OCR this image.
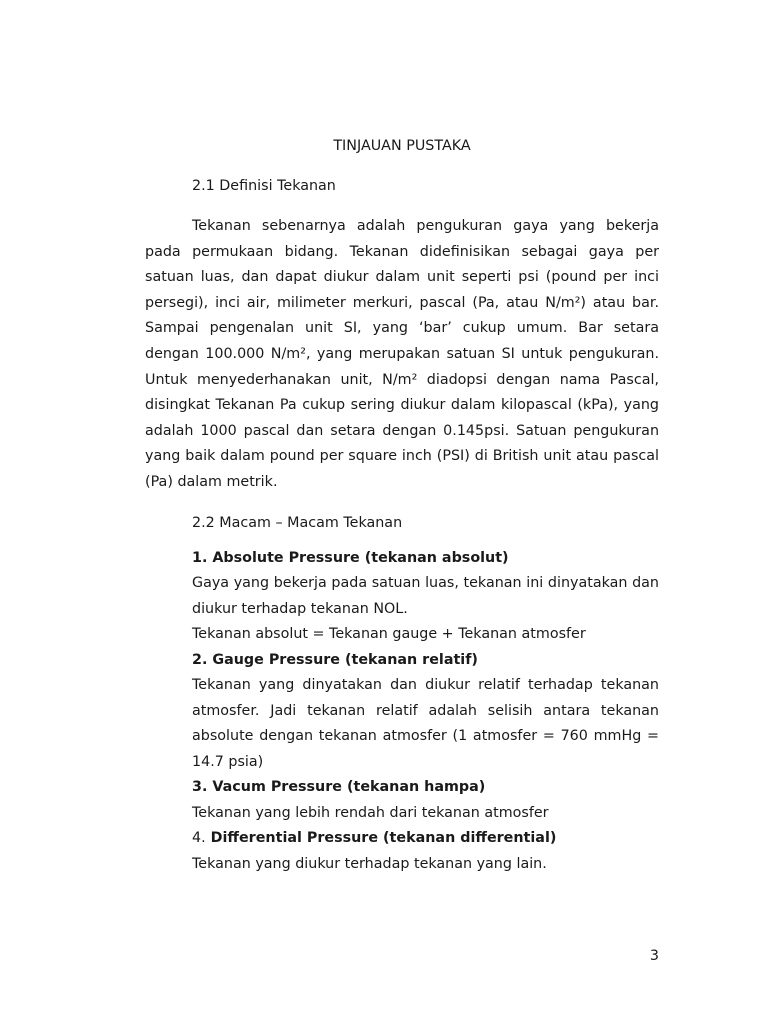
TINJAUAN PUSTAKA
2.1 Definisi Tekanan

Tekanan sebenarnya adalah pengukuran gaya yang bekerja pada permukaan bidang. Tekanan didefinisikan sebagai gaya per satuan luas, dan dapat diukur dalam unit seperti psi (pound per inci persegi), inci air, milimeter merkuri, pascal (Pa, atau N/m²) atau bar. Sampai pengenalan unit SI, yang ‘bar’ cukup umum. Bar setara dengan 100.000 N/m², yang merupakan satuan SI untuk pengukuran. Untuk menyederhanakan unit, N/m² diadopsi dengan nama Pascal, disingkat Tekanan Pa cukup sering diukur dalam kilopascal (kPa), yang adalah 1000 pascal dan setara dengan 0.145psi. Satuan pengukuran yang baik dalam pound per square inch (PSI) di British unit atau pascal (Pa) dalam metrik.

2.2 Macam – Macam Tekanan
1. Absolute Pressure (tekanan absolut)
Gaya yang bekerja pada satuan luas, tekanan ini dinyatakan dan diukur terhadap tekanan NOL.
Tekanan absolut = Tekanan gauge + Tekanan atmosfer
2. Gauge Pressure (tekanan relatif)
Tekanan yang dinyatakan dan diukur relatif terhadap tekanan atmosfer. Jadi tekanan relatif adalah selisih antara tekanan absolute dengan tekanan atmosfer (1 atmosfer = 760 mmHg = 14.7 psia)
3. Vacum Pressure (tekanan hampa)
Tekanan yang lebih rendah dari tekanan atmosfer
4. Differential Pressure (tekanan differential)
Tekanan yang diukur terhadap tekanan yang lain.
3
